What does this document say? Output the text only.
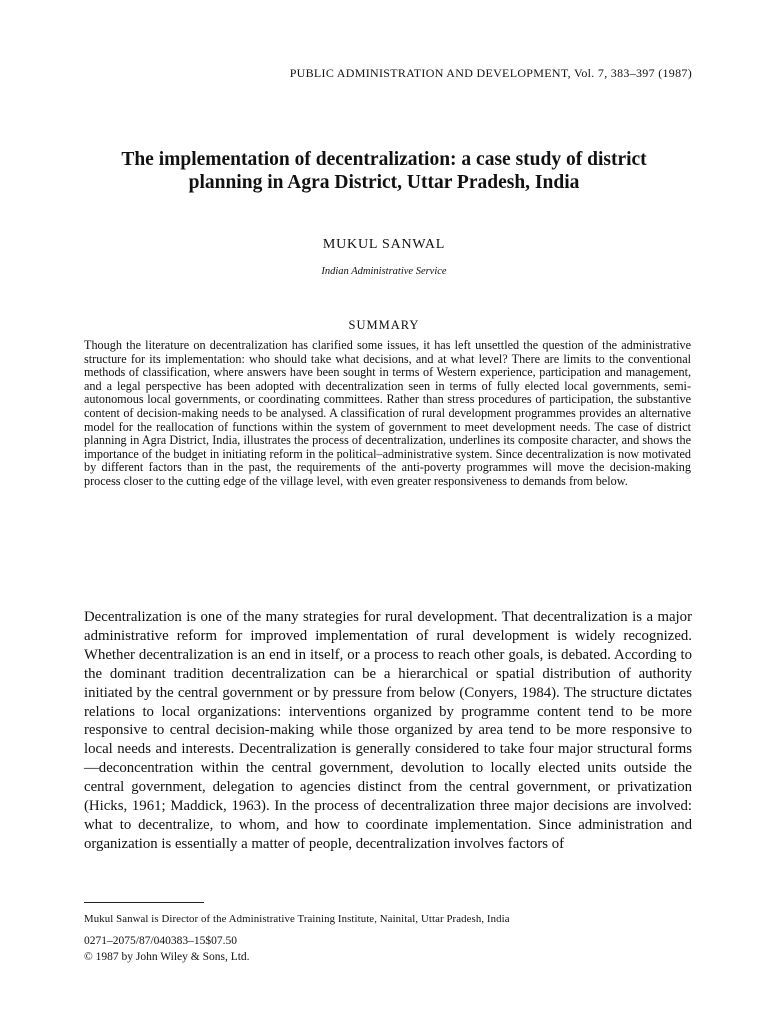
PUBLIC ADMINISTRATION AND DEVELOPMENT, Vol. 7, 383–397 (1987)
The implementation of decentralization: a case study of district planning in Agra District, Uttar Pradesh, India
MUKUL SANWAL
Indian Administrative Service
SUMMARY

Though the literature on decentralization has clarified some issues, it has left unsettled the question of the administrative structure for its implementation: who should take what decisions, and at what level? There are limits to the conventional methods of classification, where answers have been sought in terms of Western experience, participation and management, and a legal perspective has been adopted with decentralization seen in terms of fully elected local governments, semi-autonomous local governments, or coordinating committees. Rather than stress procedures of participation, the substantive content of decision-making needs to be analysed. A classification of rural development programmes provides an alternative model for the reallocation of functions within the system of government to meet development needs. The case of district planning in Agra District, India, illustrates the process of decentralization, underlines its composite character, and shows the importance of the budget in initiating reform in the political–administrative system. Since decentralization is now motivated by different factors than in the past, the requirements of the anti-poverty programmes will move the decision-making process closer to the cutting edge of the village level, with even greater responsiveness to demands from below.

Decentralization is one of the many strategies for rural development. That decentralization is a major administrative reform for improved implementation of rural development is widely recognized. Whether decentralization is an end in itself, or a process to reach other goals, is debated. According to the dominant tradition decentralization can be a hierarchical or spatial distribution of authority initiated by the central government or by pressure from below (Conyers, 1984). The structure dictates relations to local organizations: interventions organized by programme content tend to be more responsive to central decision-making while those organized by area tend to be more responsive to local needs and interests. Decentralization is generally considered to take four major structural forms—deconcentration within the central government, devolution to locally elected units outside the central government, delegation to agencies distinct from the central government, or privatization (Hicks, 1961; Maddick, 1963). In the process of decentralization three major decisions are involved: what to decentralize, to whom, and how to coordinate implementation. Since administration and organization is essentially a matter of people, decentralization involves factors of

Mukul Sanwal is Director of the Administrative Training Institute, Nainital, Uttar Pradesh, India
0271–2075/87/040383–15$07.50
© 1987 by John Wiley & Sons, Ltd.
